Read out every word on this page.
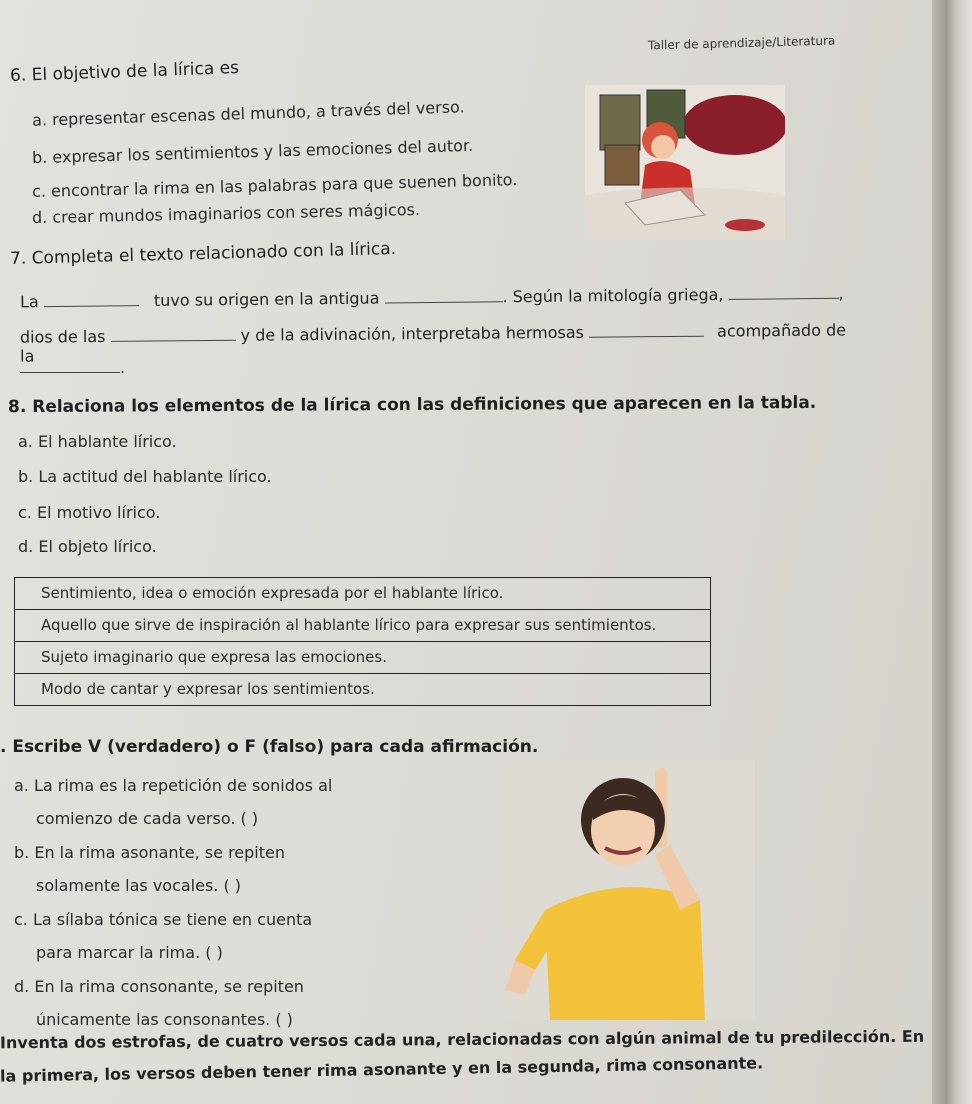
Taller de aprendizaje/Literatura
6. El objetivo de la lírica es
a. representar escenas del mundo, a través del verso.
b. expresar los sentimientos y las emociones del autor.
c. encontrar la rima en las palabras para que suenen bonito.
d. crear mundos imaginarios con seres mágicos.
7. Completa el texto relacionado con la lírica.
La	tuvo su origen en la antigua	. Según la mitología griega,	,
dios de las	y de la adivinación, interpretaba hermosas	acompañado de la
.
8. Relaciona los elementos de la lírica con las definiciones que aparecen en la tabla.
a. El hablante lírico.
b. La actitud del hablante lírico.
c. El motivo lírico.
d. El objeto lírico.
Sentimiento, idea o emoción expresada por el hablante lírico.
Aquello que sirve de inspiración al hablante lírico para expresar sus sentimientos.
Sujeto imaginario que expresa las emociones.
Modo de cantar y expresar los sentimientos.
. Escribe V (verdadero) o F (falso) para cada afirmación.
a. La rima es la repetición de sonidos al
comienzo de cada verso. ( )
b. En la rima asonante, se repiten
solamente las vocales. ( )
c. La sílaba tónica se tiene en cuenta
para marcar la rima. ( )
d. En la rima consonante, se repiten
únicamente las consonantes. ( )
Inventa dos estrofas, de cuatro versos cada una, relacionadas con algún animal de tu predilección. En
la primera, los versos deben tener rima asonante y en la segunda, rima consonante.
